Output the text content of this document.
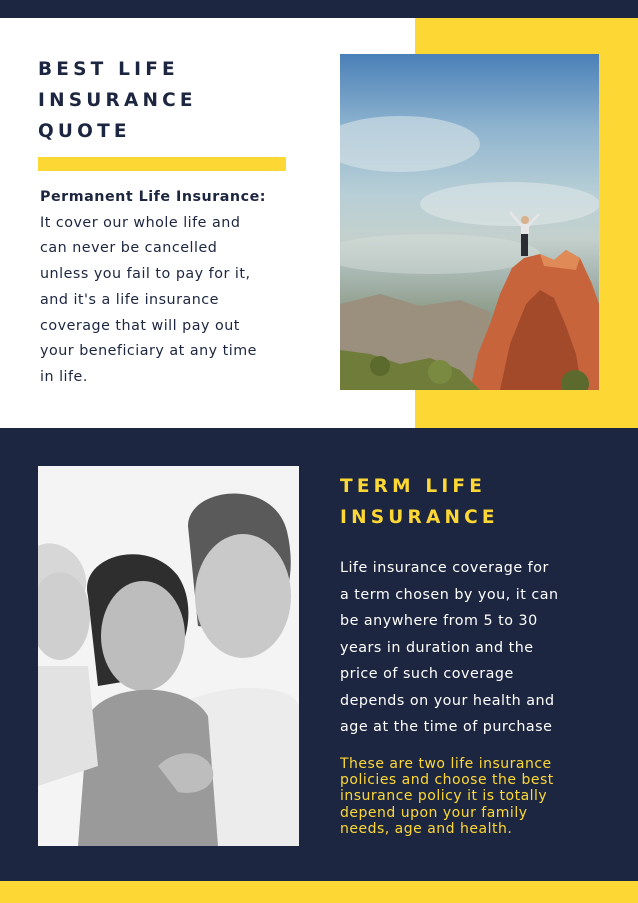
BEST LIFE
INSURANCE
QUOTE
Permanent Life Insurance:
It cover our whole life and
can never be cancelled
unless you fail to pay for it,
and it's a life insurance
coverage that will pay out
your beneficiary at any time
in life.
TERM LIFE
INSURANCE
Life insurance coverage for
a term chosen by you, it can
be anywhere from 5 to 30
years in duration and the
price of such coverage
depends on your health and
age at the time of purchase
These are two life insurance
policies and choose the best
insurance policy it is totally
depend upon your family
needs, age and health.
